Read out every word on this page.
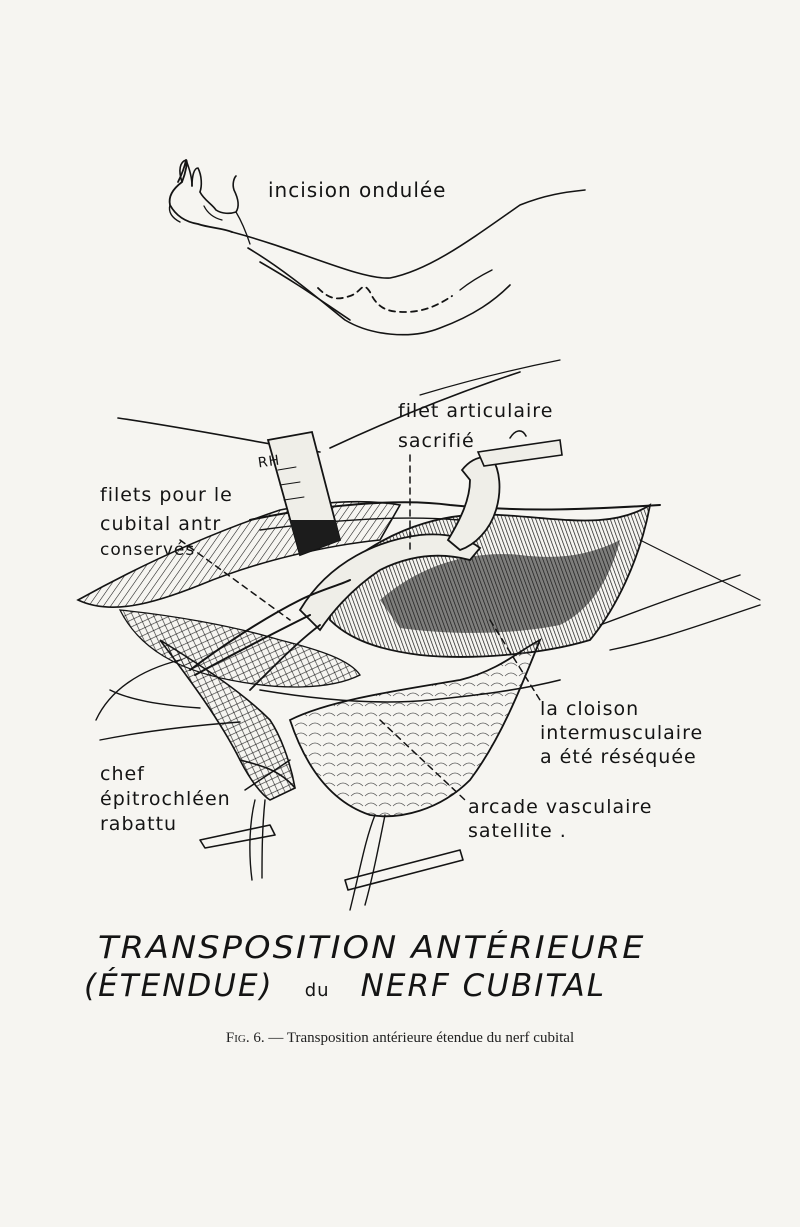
incision ondulée
RH
filet articulaire
sacrifié
filets pour le
cubital antr
conservés
la cloison
intermusculaire
a été réséquée
chef
épitrochléen
rabattu
arcade vasculaire
satellite .
TRANSPOSITION ANTÉRIEURE
(ÉTENDUE) du NERF CUBITAL
Fig. 6. — Transposition antérieure étendue du nerf cubital
